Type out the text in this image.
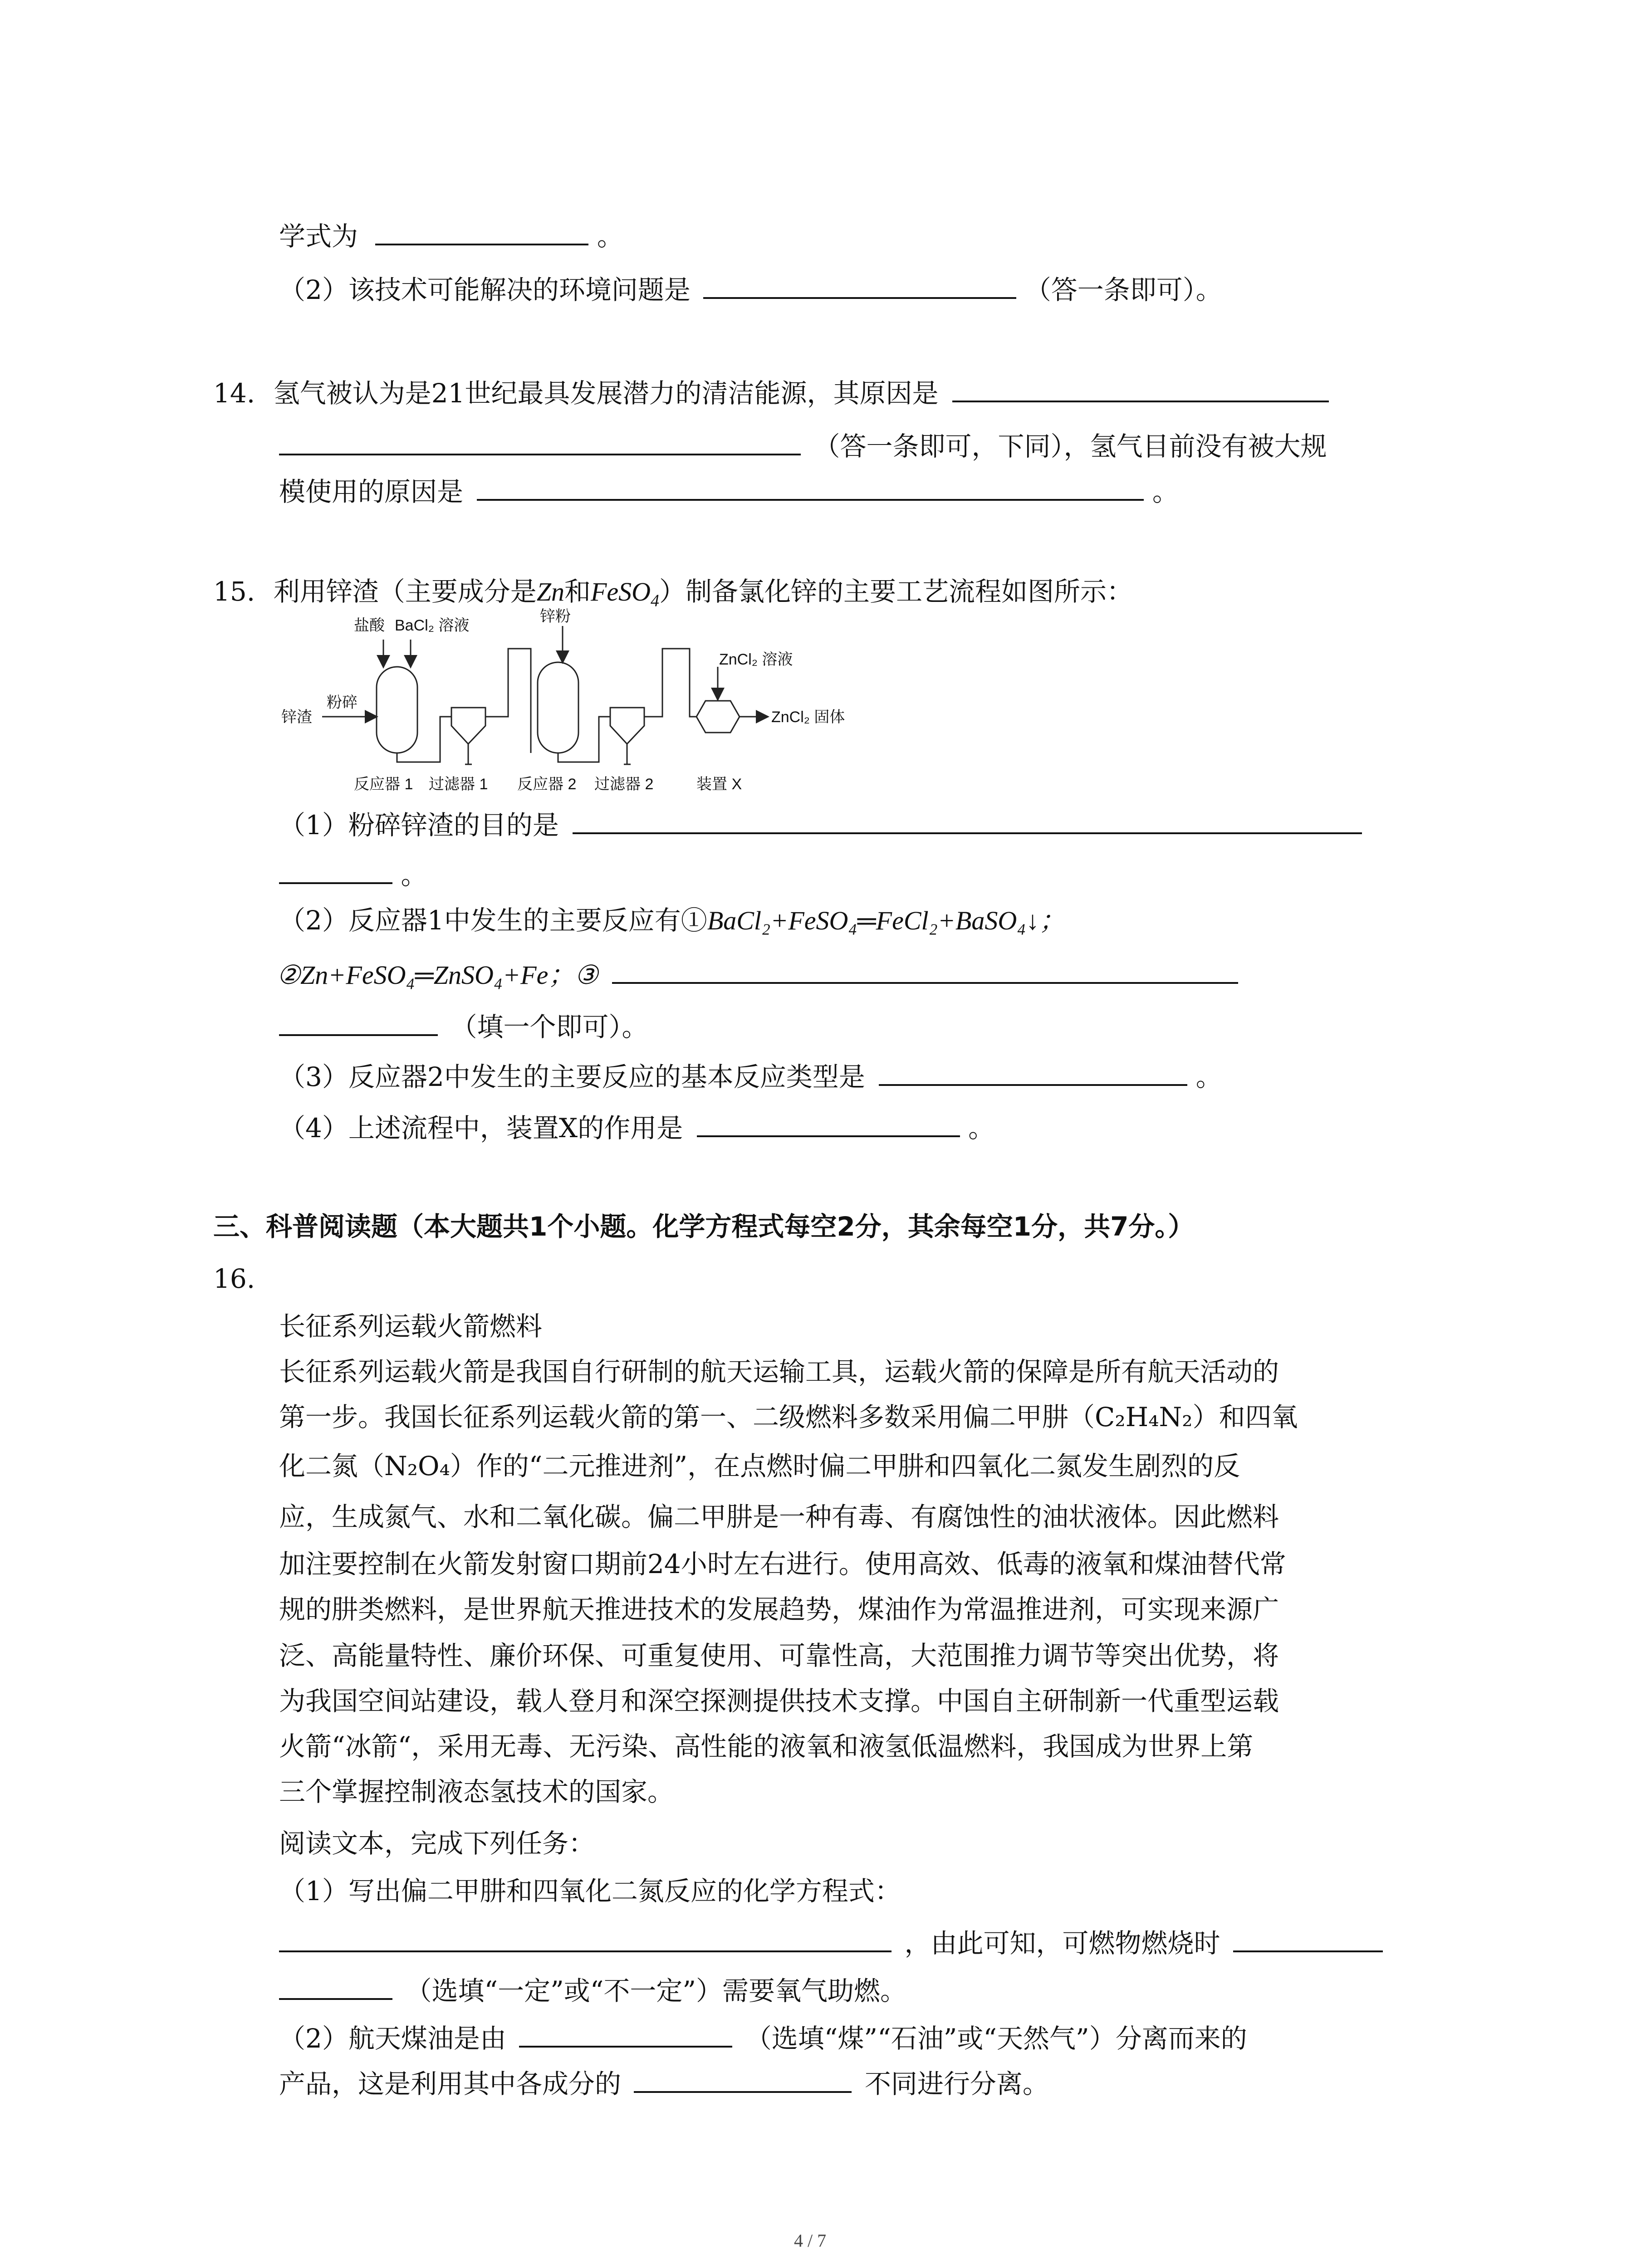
学式为	。
（2）该技术可能解决的环境问题是	（答一条即可）。
14. 氢气被认为是21世纪最具发展潜力的清洁能源，其原因是
（答一条即可，下同），氢气目前没有被大规
模使用的原因是	。
15. 利用锌渣（主要成分是Zn和FeSO$_4$）制备氯化锌的主要工艺流程如图所示：
盐酸 BaCl₂ 溶液
锌粉
ZnCl₂ 溶液
ZnCl₂ 固体
锌渣
粉碎
反应器 1 过滤器 1 反应器 2 过滤器 2	装置 X
（1）粉碎锌渣的目的是
。
（2）反应器1中发生的主要反应有①BaCl₂+FeSO₄═FeCl₂+BaSO₄↓；
②Zn+FeSO₄═ZnSO₄+Fe；③
（填一个即可）。
（3）反应器2中发生的主要反应的基本反应类型是	。
（4）上述流程中，装置X的作用是	。
三、科普阅读题（本大题共1个小题。化学方程式每空2分，其余每空1分，共7分。）
16.
长征系列运载火箭燃料
长征系列运载火箭是我国自行研制的航天运输工具，运载火箭的保障是所有航天活动的
第一步。我国长征系列运载火箭的第一、二级燃料多数采用偏二甲肼（C₂H₄N₂）和四氧
化二氮（N₂O₄）作的“二元推进剂”，在点燃时偏二甲肼和四氧化二氮发生剧烈的反
应，生成氮气、水和二氧化碳。偏二甲肼是一种有毒、有腐蚀性的油状液体。因此燃料
加注要控制在火箭发射窗口期前24小时左右进行。使用高效、低毒的液氧和煤油替代常
规的肼类燃料，是世界航天推进技术的发展趋势，煤油作为常温推进剂，可实现来源广
泛、高能量特性、廉价环保、可重复使用、可靠性高，大范围推力调节等突出优势，将
为我国空间站建设，载人登月和深空探测提供技术支撑。中国自主研制新一代重型运载
火箭“冰箭“，采用无毒、无污染、高性能的液氧和液氢低温燃料，我国成为世界上第
三个掌握控制液态氢技术的国家。
阅读文本，完成下列任务：
（1）写出偏二甲肼和四氧化二氮反应的化学方程式：
，由此可知，可燃物燃烧时
（选填“一定”或“不一定”）需要氧气助燃。
（2）航天煤油是由	（选填“煤”“石油”或“天然气”）分离而来的
产品，这是利用其中各成分的	不同进行分离。
4 / 7
